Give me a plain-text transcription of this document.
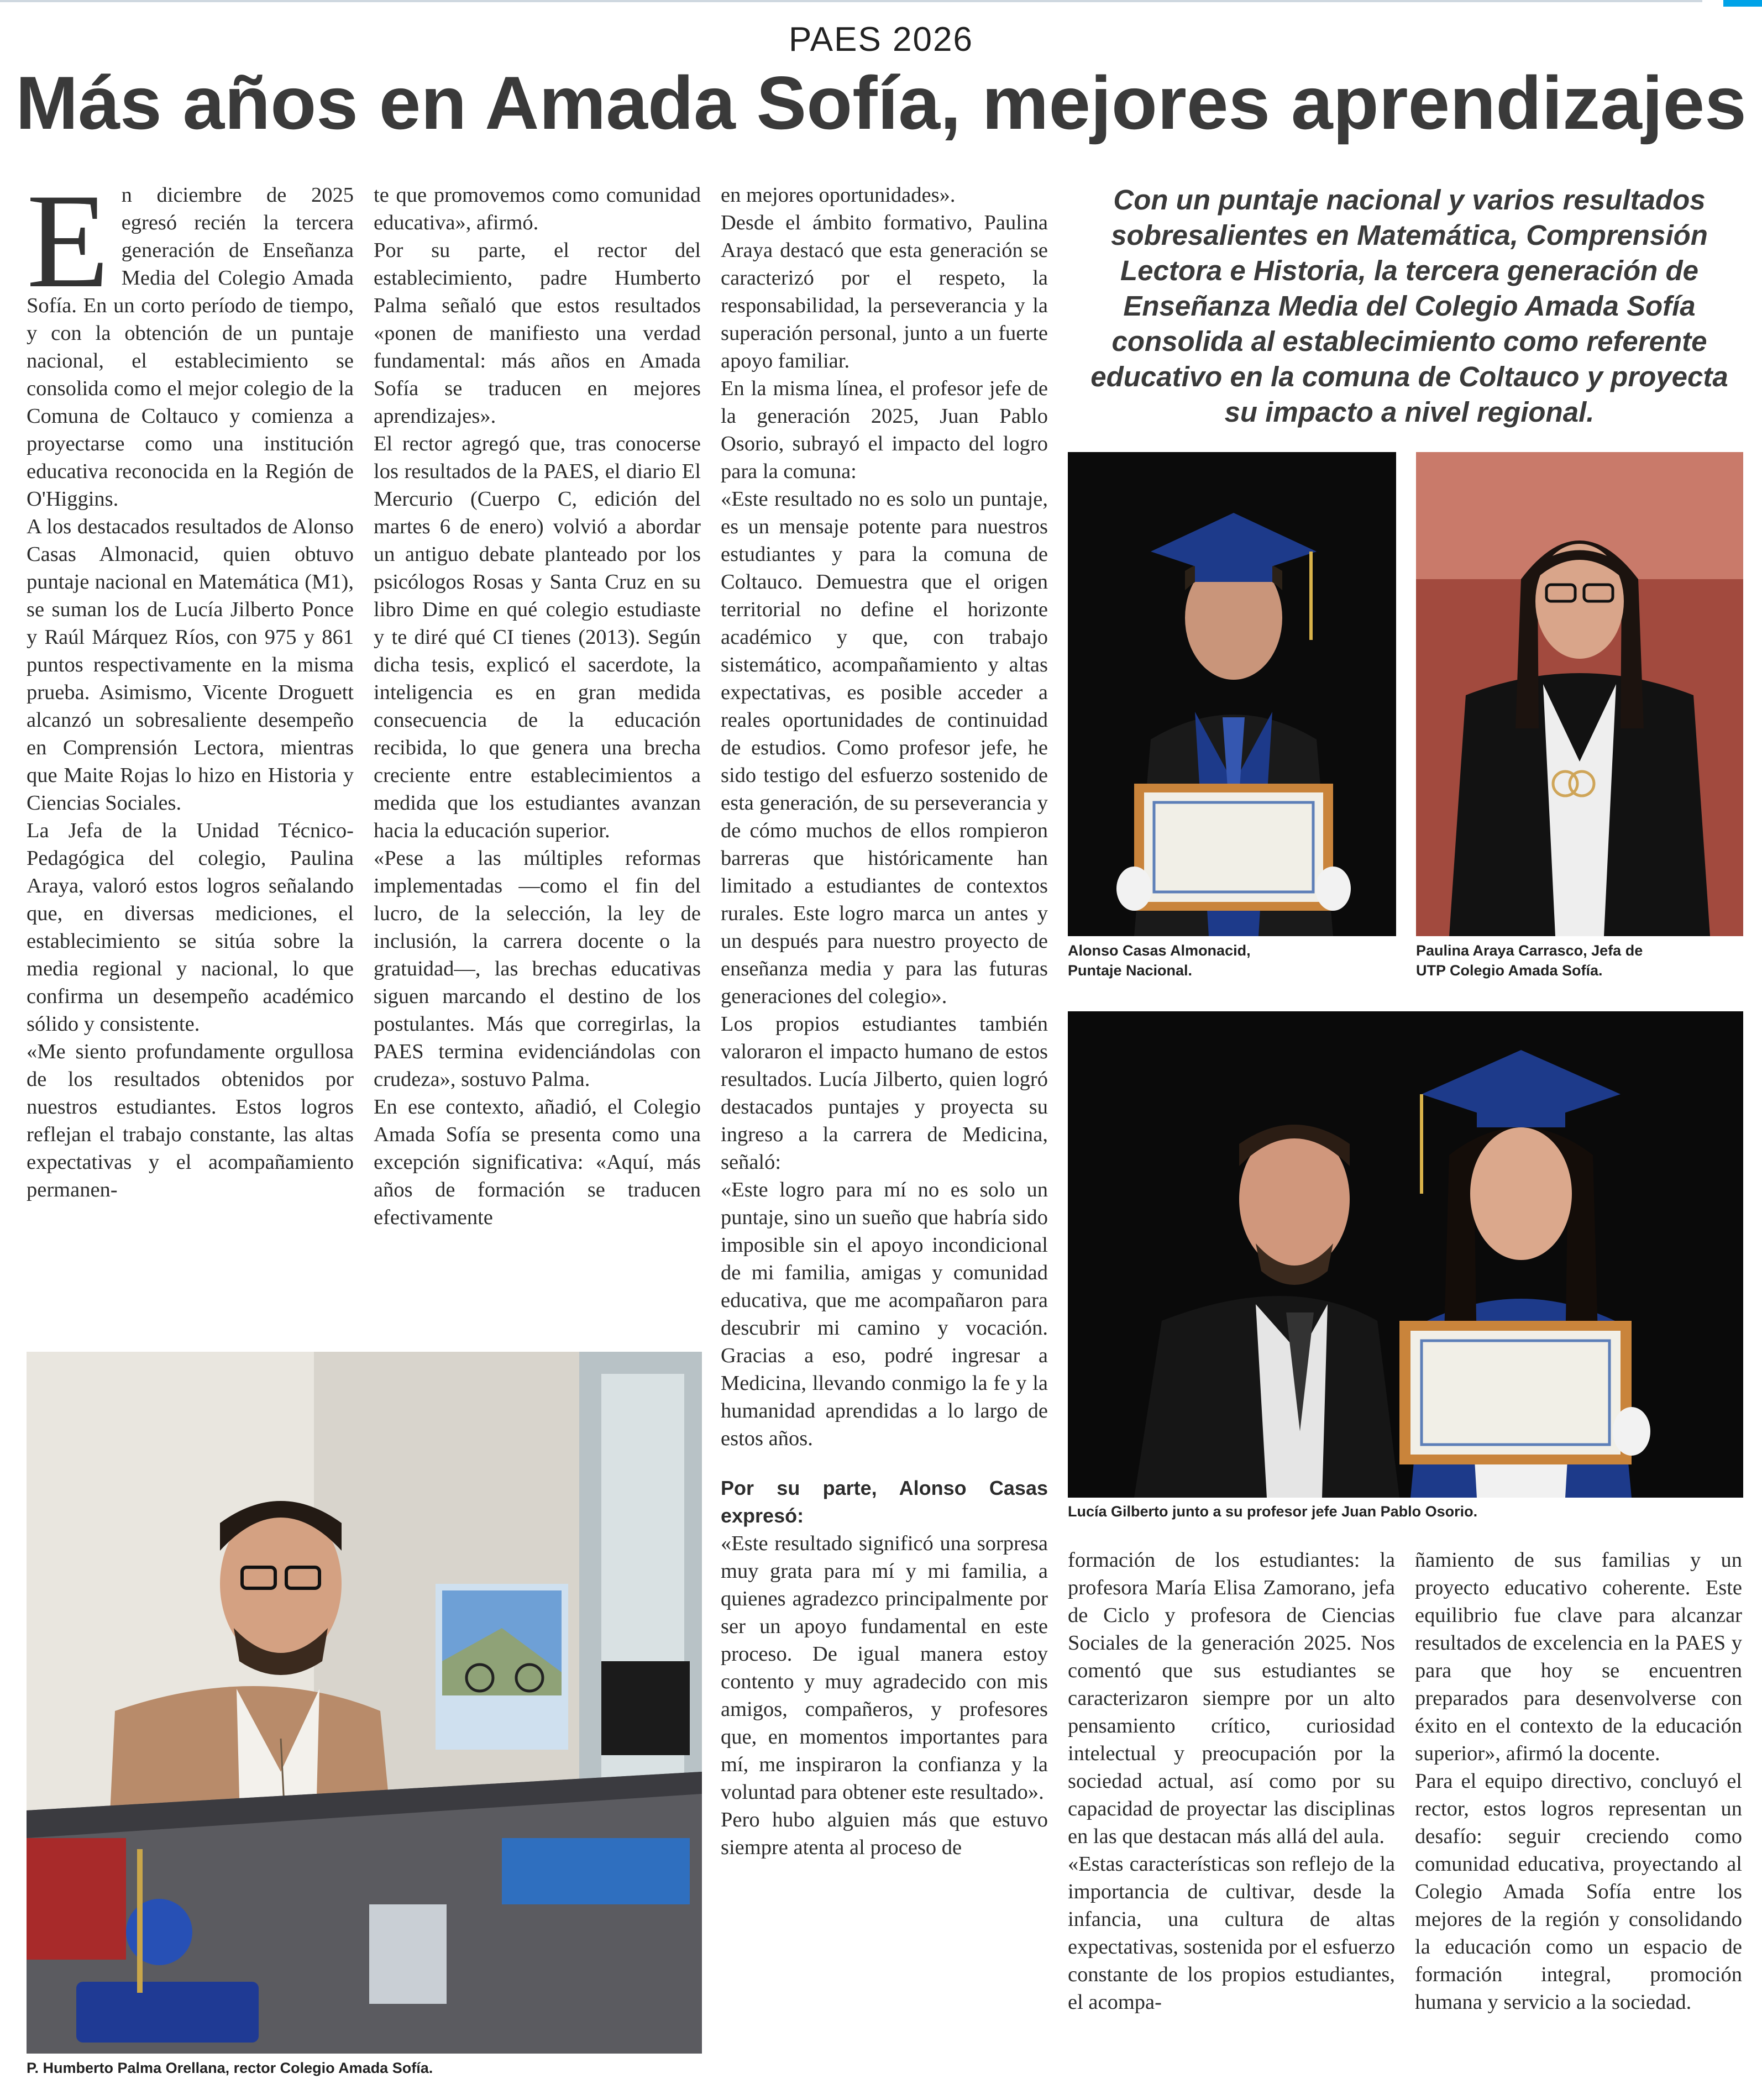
PAES 2026
Más años en Amada Sofía, mejores aprendizajes
E n diciembre de 2025 egresó recién la tercera generación de Enseñanza Media del Colegio Amada Sofía. En un corto período de tiempo, y con la obtención de un puntaje nacional, el establecimiento se consolida como el mejor colegio de la Comuna de Coltauco y comienza a proyectarse como una institución educativa reconocida en la Región de O'Higgins.

A los destacados resultados de Alonso Casas Almonacid, quien obtuvo puntaje nacional en Matemática (M1), se suman los de Lucía Jilberto Ponce y Raúl Márquez Ríos, con 975 y 861 puntos respectivamente en la misma prueba. Asimismo, Vicente Droguett alcanzó un sobresaliente desempeño en Comprensión Lectora, mientras que Maite Rojas lo hizo en Historia y Ciencias Sociales.

La Jefa de la Unidad Técnico-Pedagógica del colegio, Paulina Araya, valoró estos logros señalando que, en diversas mediciones, el establecimiento se sitúa sobre la media regional y nacional, lo que confirma un desempeño académico sólido y consistente.

«Me siento profundamente orgullosa de los resultados obtenidos por nuestros estudiantes. Estos logros reflejan el trabajo constante, las altas expectativas y el acompañamiento permanen-

te que promovemos como comunidad educativa», afirmó.

Por su parte, el rector del establecimiento, padre Humberto Palma señaló que estos resultados «ponen de manifiesto una verdad fundamental: más años en Amada Sofía se traducen en mejores aprendizajes».

El rector agregó que, tras conocerse los resultados de la PAES, el diario El Mercurio (Cuerpo C, edición del martes 6 de enero) volvió a abordar un antiguo debate planteado por los psicólogos Rosas y Santa Cruz en su libro Dime en qué colegio estudiaste y te diré qué CI tienes (2013). Según dicha tesis, explicó el sacerdote, la inteligencia es en gran medida consecuencia de la educación recibida, lo que genera una brecha creciente entre establecimientos a medida que los estudiantes avanzan hacia la educación superior.

«Pese a las múltiples reformas implementadas —como el fin del lucro, de la selección, la ley de inclusión, la carrera docente o la gratuidad—, las brechas educativas siguen marcando el destino de los postulantes. Más que corregirlas, la PAES termina evidenciándolas con crudeza», sostuvo Palma.

En ese contexto, añadió, el Colegio Amada Sofía se presenta como una excepción significativa: «Aquí, más años de formación se traducen efectivamente

en mejores oportunidades».

Desde el ámbito formativo, Paulina Araya destacó que esta generación se caracterizó por el respeto, la responsabilidad, la perseverancia y la superación personal, junto a un fuerte apoyo familiar.

En la misma línea, el profesor jefe de la generación 2025, Juan Pablo Osorio, subrayó el impacto del logro para la comuna:

«Este resultado no es solo un puntaje, es un mensaje potente para nuestros estudiantes y para la comuna de Coltauco. Demuestra que el origen territorial no define el horizonte académico y que, con trabajo sistemático, acompañamiento y altas expectativas, es posible acceder a reales oportunidades de continuidad de estudios. Como profesor jefe, he sido testigo del esfuerzo sostenido de esta generación, de su perseverancia y de cómo muchos de ellos rompieron barreras que históricamente han limitado a estudiantes de contextos rurales. Este logro marca un antes y un después para nuestro proyecto de enseñanza media y para las futuras generaciones del colegio».

Los propios estudiantes también valoraron el impacto humano de estos resultados. Lucía Jilberto, quien logró destacados puntajes y proyecta su ingreso a la carrera de Medicina, señaló:

«Este logro para mí no es solo un puntaje, sino un sueño que habría sido imposible sin el apoyo incondicional de mi familia, amigas y comunidad educativa, que me acompañaron para descubrir mi camino y vocación. Gracias a eso, podré ingresar a Medicina, llevando conmigo la fe y la humanidad aprendidas a lo largo de estos años.

Por su parte, Alonso Casas expresó:

«Este resultado significó una sorpresa muy grata para mí y mi familia, a quienes agradezco principalmente por ser un apoyo fundamental en este proceso. De igual manera estoy contento y muy agradecido con mis amigos, compañeros, y profesores que, en momentos importantes para mí, me inspiraron la confianza y la voluntad para obtener este resultado».

Pero hubo alguien más que estuvo siempre atenta al proceso de

formación de los estudiantes: la profesora María Elisa Zamorano, jefa de Ciclo y profesora de Ciencias Sociales de la generación 2025. Nos comentó que sus estudiantes se caracterizaron siempre por un alto pensamiento crítico, curiosidad intelectual y preocupación por la sociedad actual, así como por su capacidad de proyectar las disciplinas en las que destacan más allá del aula.

«Estas características son reflejo de la importancia de cultivar, desde la infancia, una cultura de altas expectativas, sostenida por el esfuerzo constante de los propios estudiantes, el acompa-

ñamiento de sus familias y un proyecto educativo coherente. Este equilibrio fue clave para alcanzar resultados de excelencia en la PAES y para que hoy se encuentren preparados para desenvolverse con éxito en el contexto de la educación superior», afirmó la docente.

Para el equipo directivo, concluyó el rector, estos logros representan un desafío: seguir creciendo como comunidad educativa, proyectando al Colegio Amada Sofía entre los mejores de la región y consolidando la educación como un espacio de formación integral, promoción humana y servicio a la sociedad.

Con un puntaje nacional y varios resultados sobresalientes en Matemática, Comprensión Lectora e Historia, la tercera generación de Enseñanza Media del Colegio Amada Sofía consolida al establecimiento como referente educativo en la comuna de Coltauco y proyecta su impacto a nivel regional.
Alonso Casas Almonacid, Puntaje Nacional.
Paulina Araya Carrasco, Jefa de UTP Colegio Amada Sofía.
Lucía Gilberto junto a su profesor jefe Juan Pablo Osorio.
P. Humberto Palma Orellana, rector Colegio Amada Sofía.
